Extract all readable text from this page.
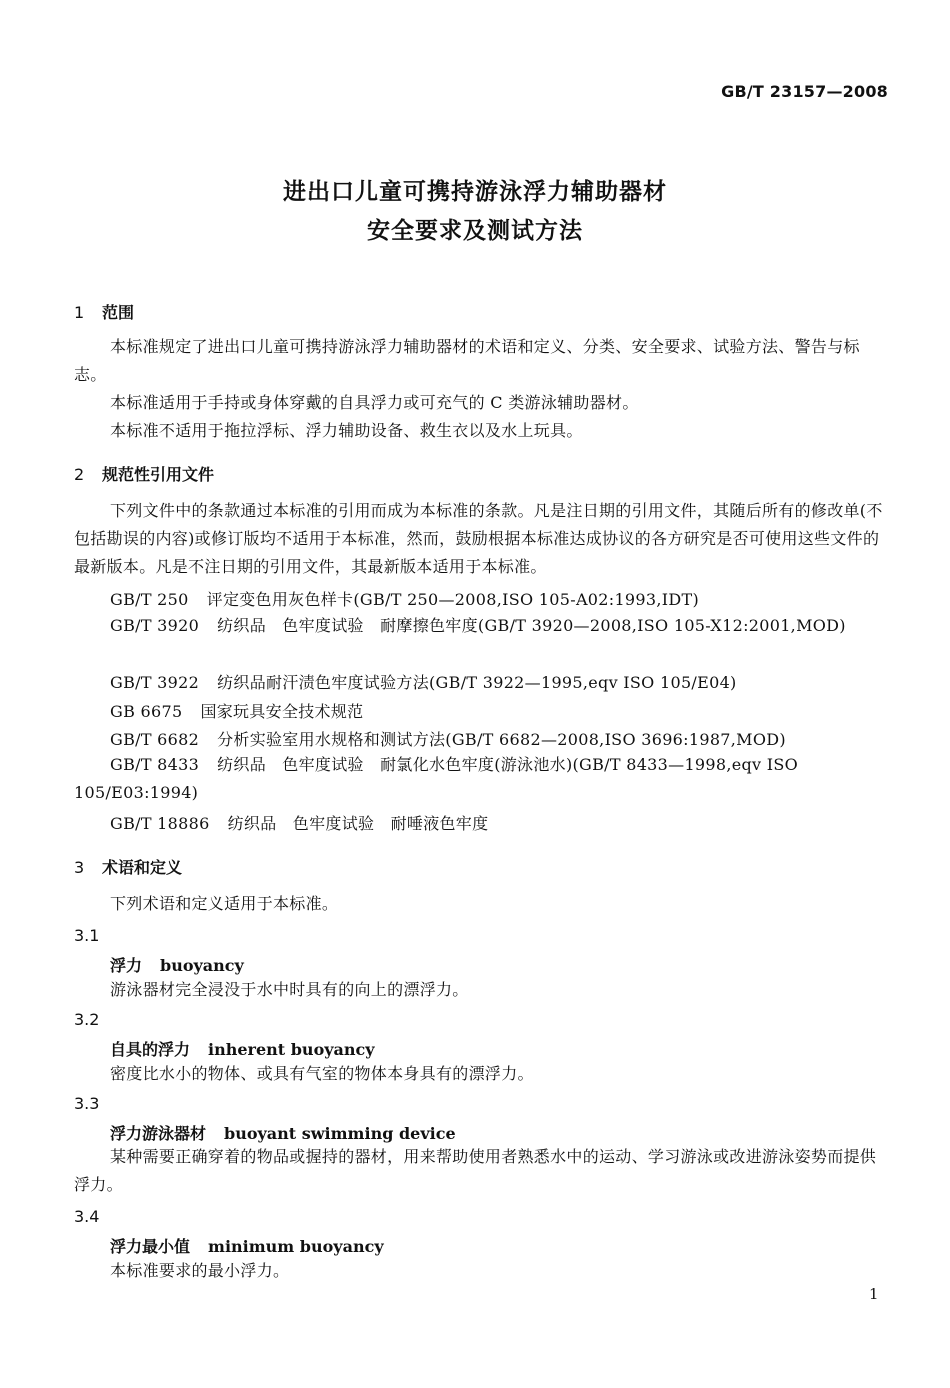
GB/T 23157—2008
进出口儿童可携持游泳浮力辅助器材
安全要求及测试方法
1 范围
本标准规定了进出口儿童可携持游泳浮力辅助器材的术语和定义、分类、安全要求、试验方法、警告与标志。
本标准适用于手持或身体穿戴的自具浮力或可充气的 C 类游泳辅助器材。
本标准不适用于拖拉浮标、浮力辅助设备、救生衣以及水上玩具。
2 规范性引用文件
下列文件中的条款通过本标准的引用而成为本标准的条款。凡是注日期的引用文件，其随后所有的修改单(不包括勘误的内容)或修订版均不适用于本标准，然而，鼓励根据本标准达成协议的各方研究是否可使用这些文件的最新版本。凡是不注日期的引用文件，其最新版本适用于本标准。
GB/T 250 评定变色用灰色样卡(GB/T 250—2008,ISO 105-A02:1993,IDT)
GB/T 3920 纺织品　色牢度试验　耐摩擦色牢度(GB/T 3920—2008,ISO 105-X12:2001,MOD)
GB/T 3922 纺织品耐汗渍色牢度试验方法(GB/T 3922—1995,eqv ISO 105/E04)
GB 6675 国家玩具安全技术规范
GB/T 6682 分析实验室用水规格和测试方法(GB/T 6682—2008,ISO 3696:1987,MOD)
GB/T 8433 纺织品　色牢度试验　耐氯化水色牢度(游泳池水)(GB/T 8433—1998,eqv ISO 105/E03:1994)
GB/T 18886 纺织品　色牢度试验　耐唾液色牢度
3 术语和定义
下列术语和定义适用于本标准。
3.1
浮力 buoyancy
游泳器材完全浸没于水中时具有的向上的漂浮力。
3.2
自具的浮力 inherent buoyancy
密度比水小的物体、或具有气室的物体本身具有的漂浮力。
3.3
浮力游泳器材 buoyant swimming device
某种需要正确穿着的物品或握持的器材，用来帮助使用者熟悉水中的运动、学习游泳或改进游泳姿势而提供浮力。
3.4
浮力最小值 minimum buoyancy
本标准要求的最小浮力。
1
